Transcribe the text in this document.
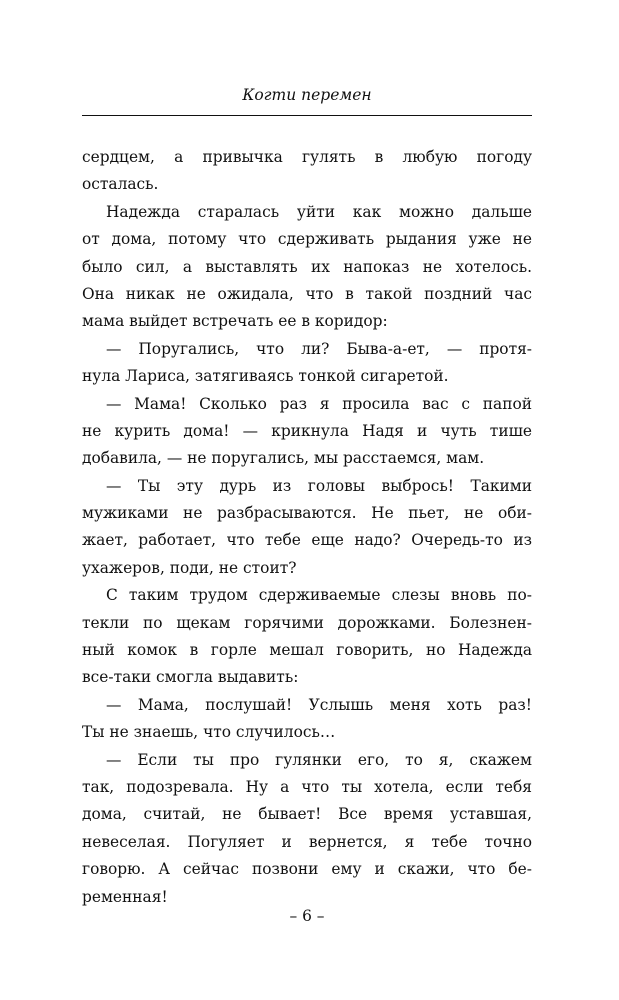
Когти перемен
сердцем, а привычка гулять в любую погоду
осталась.
Надежда старалась уйти как можно дальше
от дома, потому что сдерживать рыдания уже не
было сил, а выставлять их напоказ не хотелось.
Она никак не ожидала, что в такой поздний час
мама выйдет встречать ее в коридор:
— Поругались, что ли? Быва-а-ет, — протя-
нула Лариса, затягиваясь тонкой сигаретой.
— Мама! Сколько раз я просила вас с папой
не курить дома! — крикнула Надя и чуть тише
добавила, — не поругались, мы расстаемся, мам.
— Ты эту дурь из головы выбрось! Такими
мужиками не разбрасываются. Не пьет, не оби-
жает, работает, что тебе еще надо? Очередь-то из
ухажеров, поди, не стоит?
С таким трудом сдерживаемые слезы вновь по-
текли по щекам горячими дорожками. Болезнен-
ный комок в горле мешал говорить, но Надежда
все-таки смогла выдавить:
— Мама, послушай! Услышь меня хоть раз!
Ты не знаешь, что случилось…
— Если ты про гулянки его, то я, скажем
так, подозревала. Ну а что ты хотела, если тебя
дома, считай, не бывает! Все время уставшая,
невеселая. Погуляет и вернется, я тебе точно
говорю. А сейчас позвони ему и скажи, что бе-
ременная!
– 6 –
